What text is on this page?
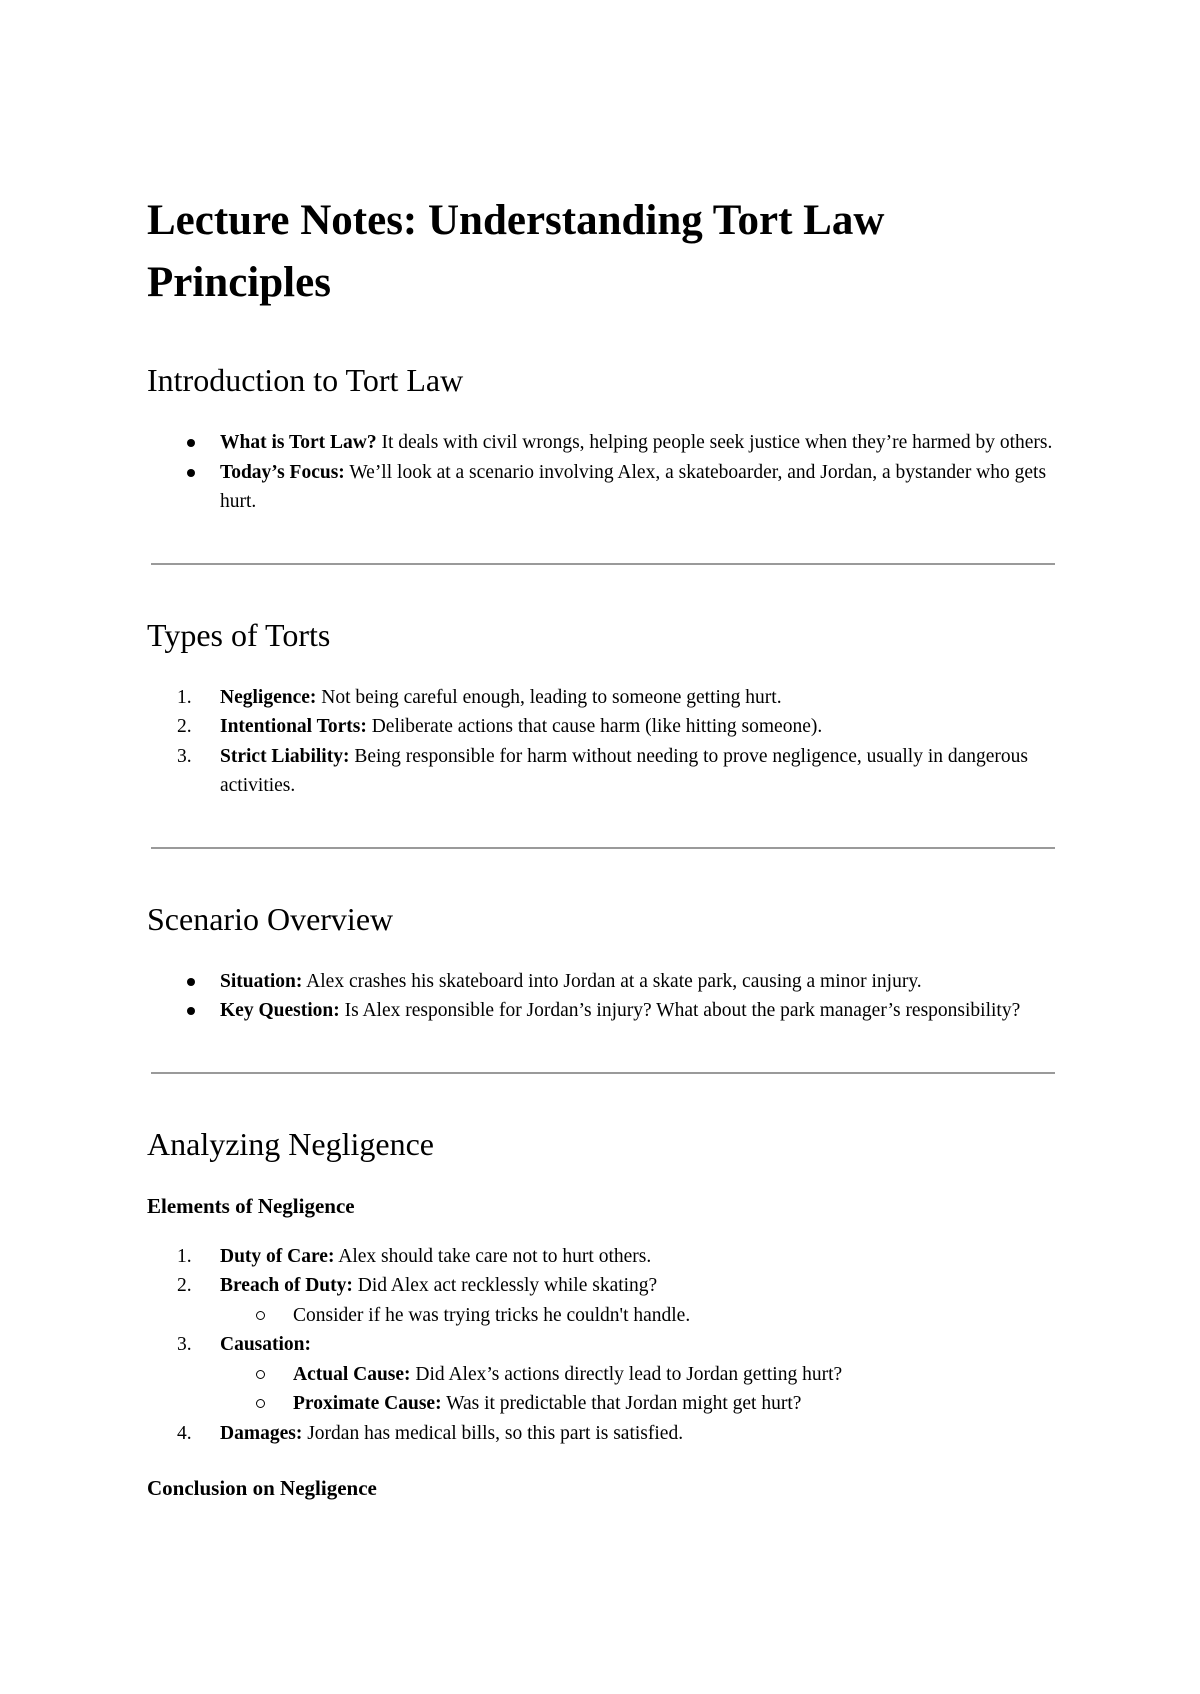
Lecture Notes: Understanding Tort Law Principles
Introduction to Tort Law
What is Tort Law? It deals with civil wrongs, helping people seek justice when they’re harmed by others.
Today’s Focus: We’ll look at a scenario involving Alex, a skateboarder, and Jordan, a bystander who gets hurt.
Types of Torts
1.	Negligence: Not being careful enough, leading to someone getting hurt.
2.	Intentional Torts: Deliberate actions that cause harm (like hitting someone).
3.	Strict Liability: Being responsible for harm without needing to prove negligence, usually in dangerous activities.
Scenario Overview
Situation: Alex crashes his skateboard into Jordan at a skate park, causing a minor injury.
Key Question: Is Alex responsible for Jordan’s injury? What about the park manager’s responsibility?
Analyzing Negligence
Elements of Negligence
1.	Duty of Care: Alex should take care not to hurt others.
2.	Breach of Duty: Did Alex act recklessly while skating?
Consider if he was trying tricks he couldn't handle.
3.	Causation:
Actual Cause: Did Alex’s actions directly lead to Jordan getting hurt?
Proximate Cause: Was it predictable that Jordan might get hurt?
4.	Damages: Jordan has medical bills, so this part is satisfied.
Conclusion on Negligence
